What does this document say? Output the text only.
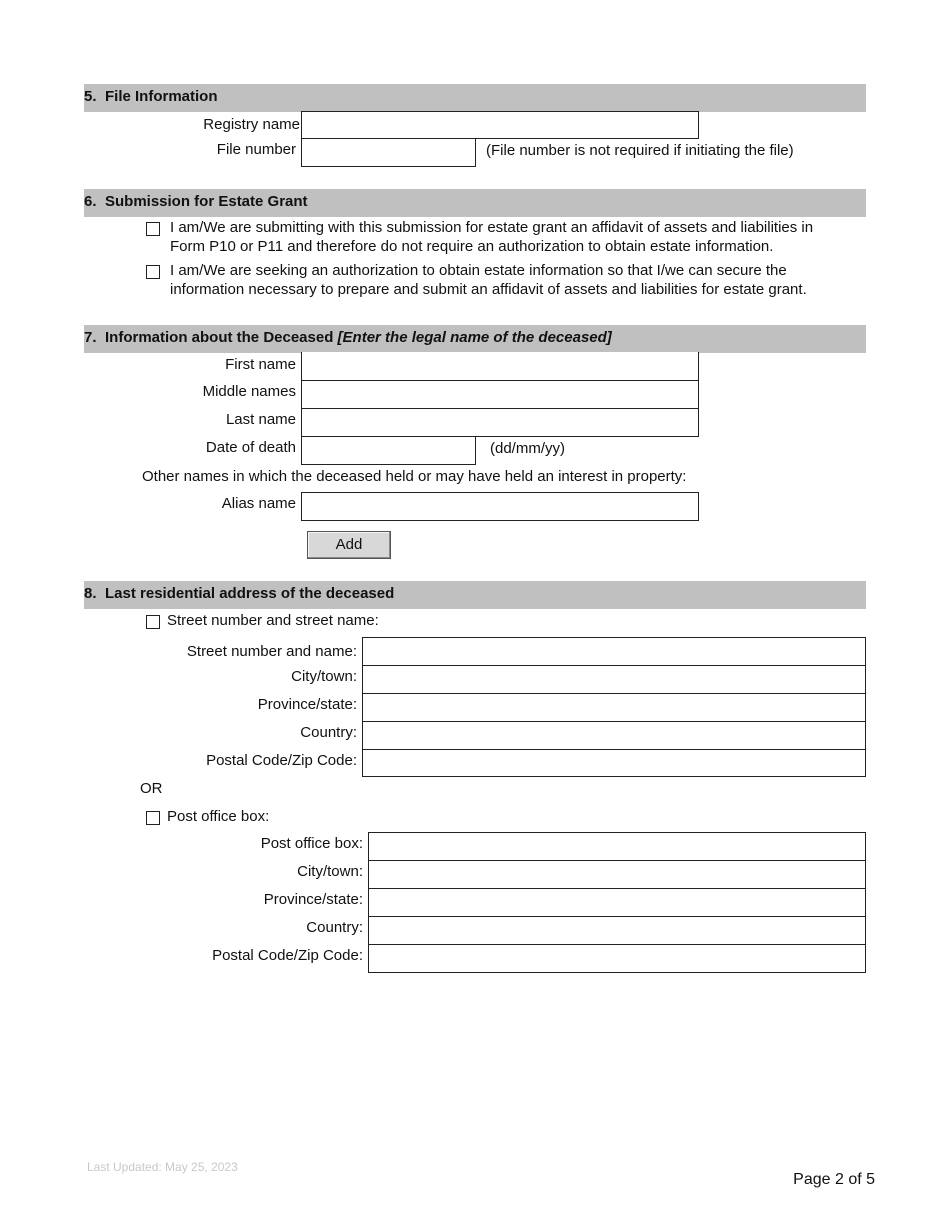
5. File Information
Registry name
File number	(File number is not required if initiating the file)
6. Submission for Estate Grant
I am/We are submitting with this submission for estate grant an affidavit of assets and liabilities in Form P10 or P11 and therefore do not require an authorization to obtain estate information.
I am/We are seeking an authorization to obtain estate information so that I/we can secure the information necessary to prepare and submit an affidavit of assets and liabilities for estate grant.
7. Information about the Deceased [Enter the legal name of the deceased]
First name
Middle names
Last name
Date of death	(dd/mm/yy)
Other names in which the deceased held or may have held an interest in property:
Alias name
Add
8. Last residential address of the deceased
Street number and street name:
Street number and name:
City/town:
Province/state:
Country:
Postal Code/Zip Code:
OR
Post office box:
Post office box:
City/town:
Province/state:
Country:
Postal Code/Zip Code:
Last Updated: May 25, 2023
Page 2 of 5
